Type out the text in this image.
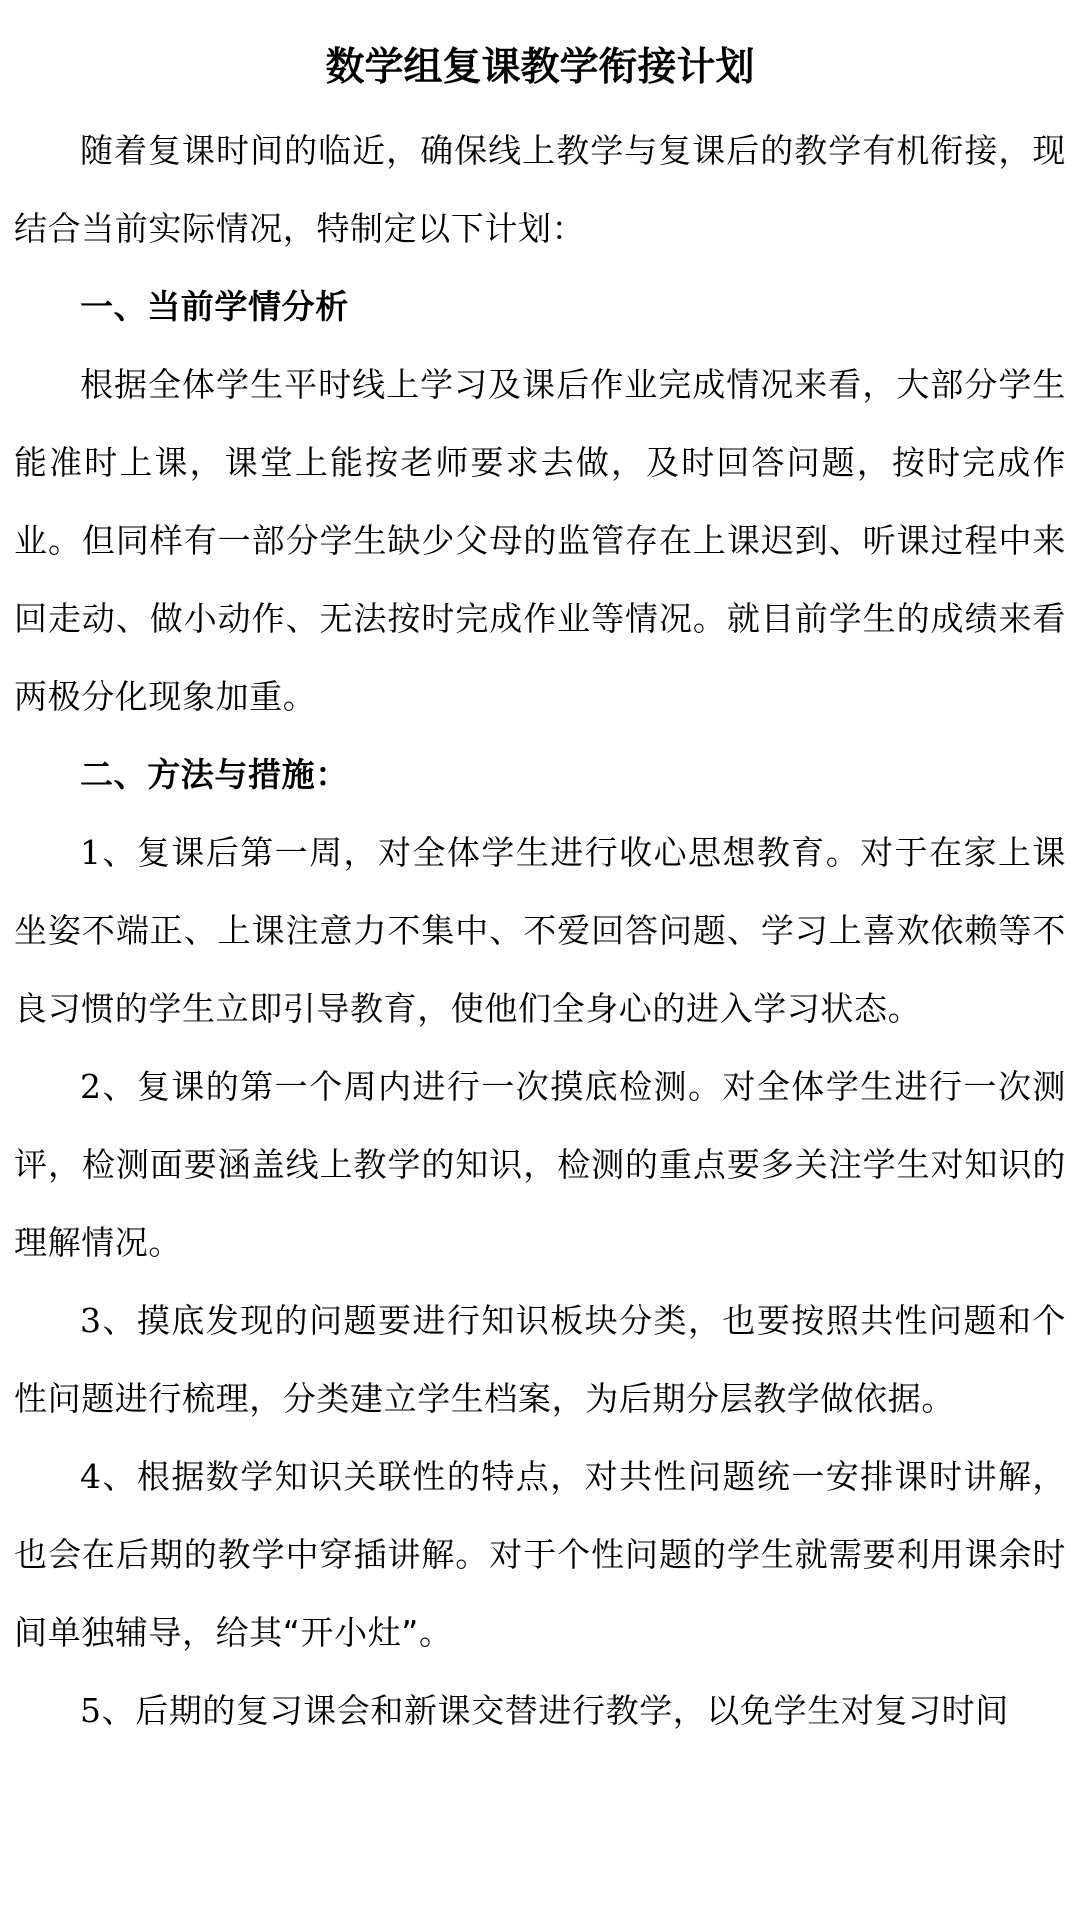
数学组复课教学衔接计划

随着复课时间的临近，确保线上教学与复课后的教学有机衔接，现结合当前实际情况，特制定以下计划：

一、当前学情分析

根据全体学生平时线上学习及课后作业完成情况来看，大部分学生能准时上课，课堂上能按老师要求去做，及时回答问题，按时完成作业。但同样有一部分学生缺少父母的监管存在上课迟到、听课过程中来回走动、做小动作、无法按时完成作业等情况。就目前学生的成绩来看两极分化现象加重。

二、方法与措施：

1、复课后第一周，对全体学生进行收心思想教育。对于在家上课坐姿不端正、上课注意力不集中、不爱回答问题、学习上喜欢依赖等不良习惯的学生立即引导教育，使他们全身心的进入学习状态。

2、复课的第一个周内进行一次摸底检测。对全体学生进行一次测评，检测面要涵盖线上教学的知识，检测的重点要多关注学生对知识的理解情况。

3、摸底发现的问题要进行知识板块分类，也要按照共性问题和个性问题进行梳理，分类建立学生档案，为后期分层教学做依据。

4、根据数学知识关联性的特点，对共性问题统一安排课时讲解，也会在后期的教学中穿插讲解。对于个性问题的学生就需要利用课余时间单独辅导，给其“开小灶”。

5、后期的复习课会和新课交替进行教学，以免学生对复习时间
